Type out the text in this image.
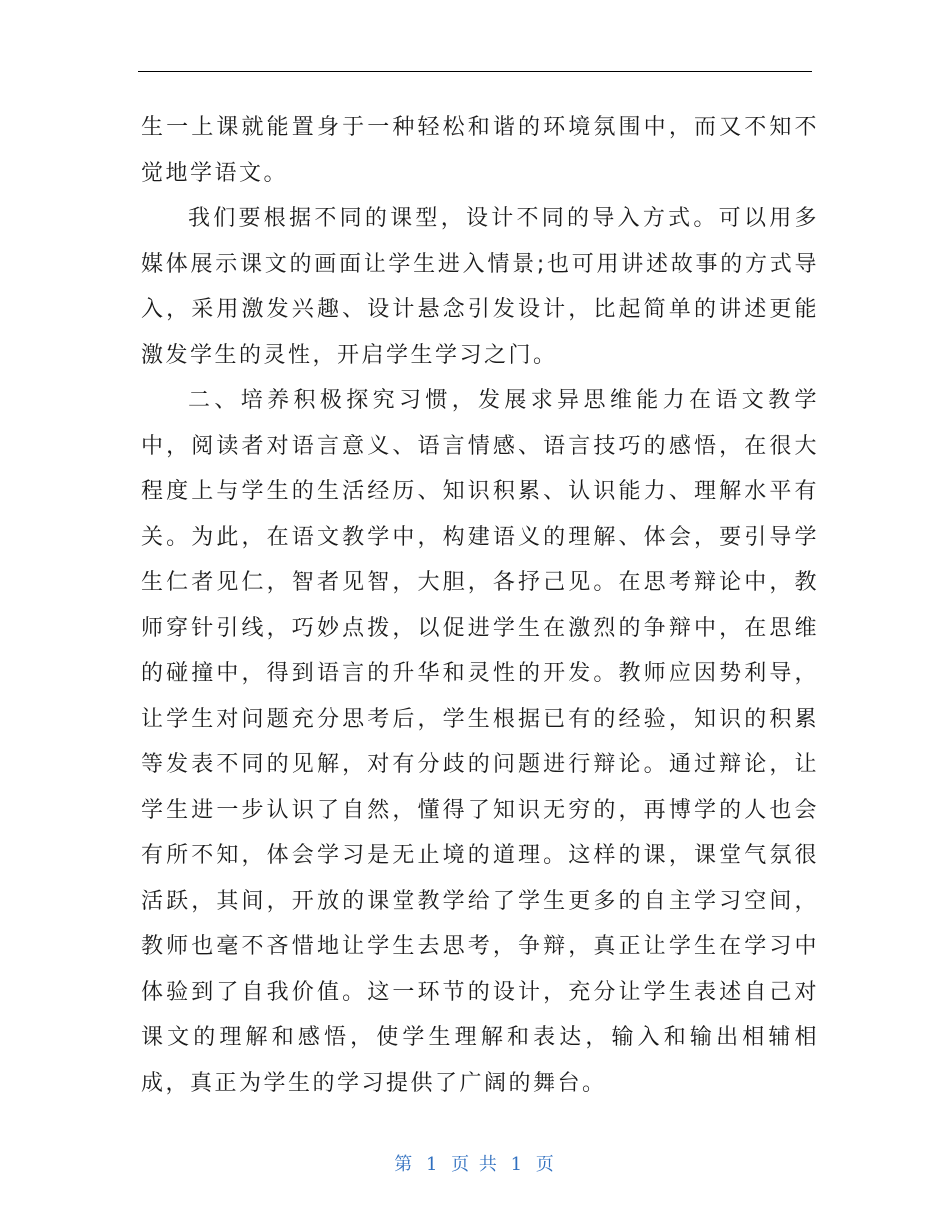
生一上课就能置身于一种轻松和谐的环境氛围中，而又不知不觉地学语文。

我们要根据不同的课型，设计不同的导入方式。可以用多媒体展示课文的画面让学生进入情景;也可用讲述故事的方式导入，采用激发兴趣、设计悬念引发设计，比起简单的讲述更能激发学生的灵性，开启学生学习之门。

二、培养积极探究习惯，发展求异思维能力在语文教学中，阅读者对语言意义、语言情感、语言技巧的感悟，在很大程度上与学生的生活经历、知识积累、认识能力、理解水平有关。为此，在语文教学中，构建语义的理解、体会，要引导学生仁者见仁，智者见智，大胆，各抒己见。在思考辩论中，教师穿针引线，巧妙点拨，以促进学生在激烈的争辩中，在思维的碰撞中，得到语言的升华和灵性的开发。教师应因势利导，让学生对问题充分思考后，学生根据已有的经验，知识的积累等发表不同的见解，对有分歧的问题进行辩论。通过辩论，让学生进一步认识了自然，懂得了知识无穷的，再博学的人也会有所不知，体会学习是无止境的道理。这样的课，课堂气氛很活跃，其间，开放的课堂教学给了学生更多的自主学习空间，教师也毫不吝惜地让学生去思考，争辩，真正让学生在学习中体验到了自我价值。这一环节的设计，充分让学生表述自己对课文的理解和感悟，使学生理解和表达，输入和输出相辅相成，真正为学生的学习提供了广阔的舞台。

第 1 页 共 1 页
